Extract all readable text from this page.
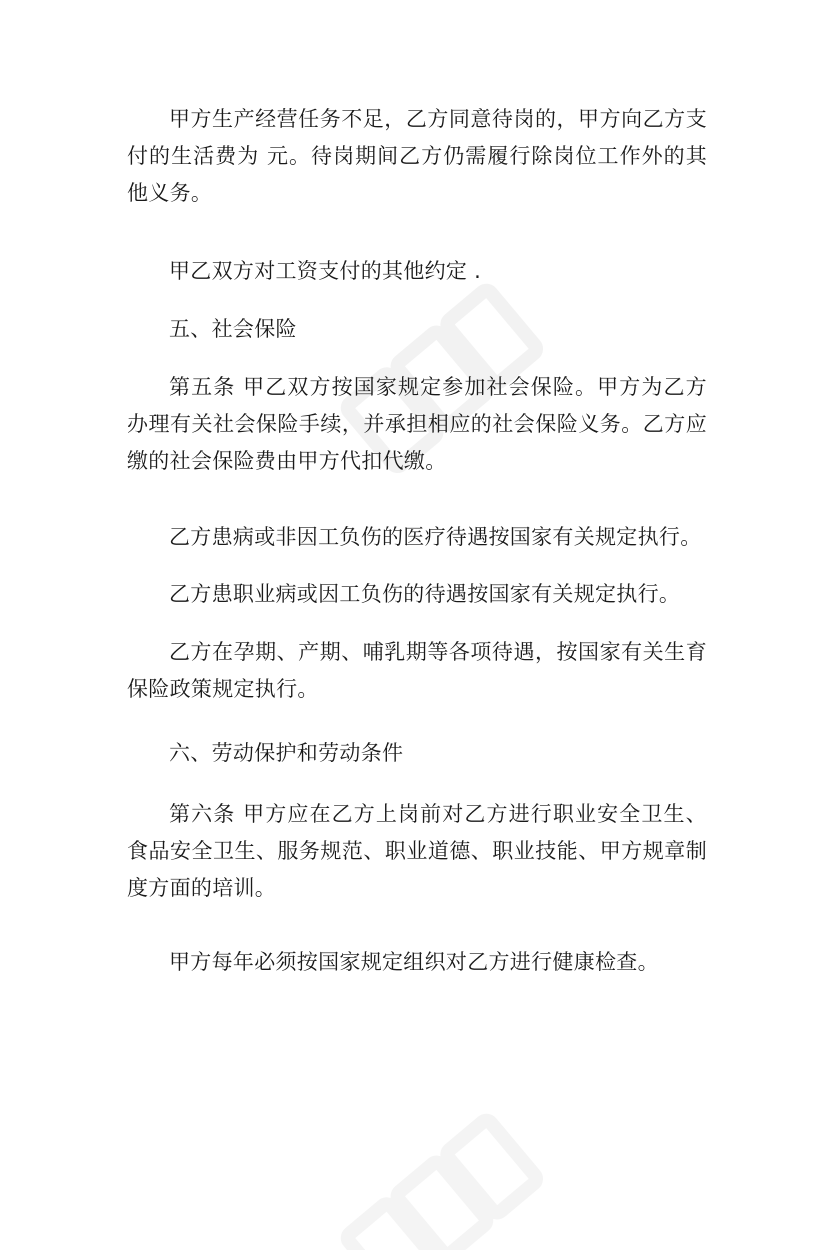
甲方生产经营任务不足，乙方同意待岗的，甲方向乙方支付的生活费为 元。待岗期间乙方仍需履行除岗位工作外的其他义务。

甲乙双方对工资支付的其他约定 .

五、社会保险

第五条 甲乙双方按国家规定参加社会保险。甲方为乙方办理有关社会保险手续，并承担相应的社会保险义务。乙方应缴的社会保险费由甲方代扣代缴。

乙方患病或非因工负伤的医疗待遇按国家有关规定执行。

乙方患职业病或因工负伤的待遇按国家有关规定执行。

乙方在孕期、产期、哺乳期等各项待遇，按国家有关生育保险政策规定执行。

六、劳动保护和劳动条件

第六条 甲方应在乙方上岗前对乙方进行职业安全卫生、食品安全卫生、服务规范、职业道德、职业技能、甲方规章制度方面的培训。

甲方每年必须按国家规定组织对乙方进行健康检查。
